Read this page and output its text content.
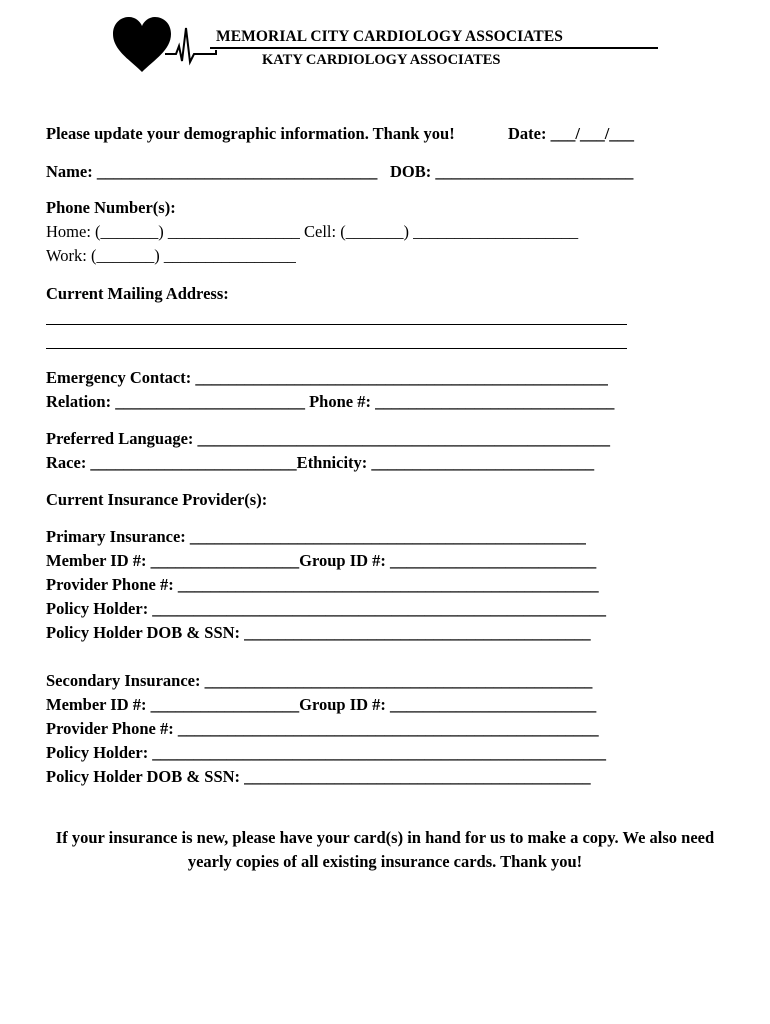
MEMORIAL CITY CARDIOLOGY ASSOCIATES
KATY CARDIOLOGY ASSOCIATES
Please update your demographic information. Thank you!	Date: ___/___/___
Name: __________________________________ DOB: ________________________
Phone Number(s):
Home: (_______) ________________ Cell: (_______) ____________________
Work: (_______) ________________
Current Mailing Address:
Emergency Contact: __________________________________________________
Relation: _______________________ Phone #: _____________________________
Preferred Language: __________________________________________________
Race: _________________________Ethnicity: ___________________________
Current Insurance Provider(s):
Primary Insurance: ________________________________________________
Member ID #: __________________Group ID #: _________________________
Provider Phone #: ___________________________________________________
Policy Holder: _______________________________________________________
Policy Holder DOB & SSN: __________________________________________
Secondary Insurance: _______________________________________________
Member ID #: __________________Group ID #: _________________________
Provider Phone #: ___________________________________________________
Policy Holder: _______________________________________________________
Policy Holder DOB & SSN: __________________________________________
If your insurance is new, please have your card(s) in hand for us to make a copy. We also need yearly copies of all existing insurance cards. Thank you!
